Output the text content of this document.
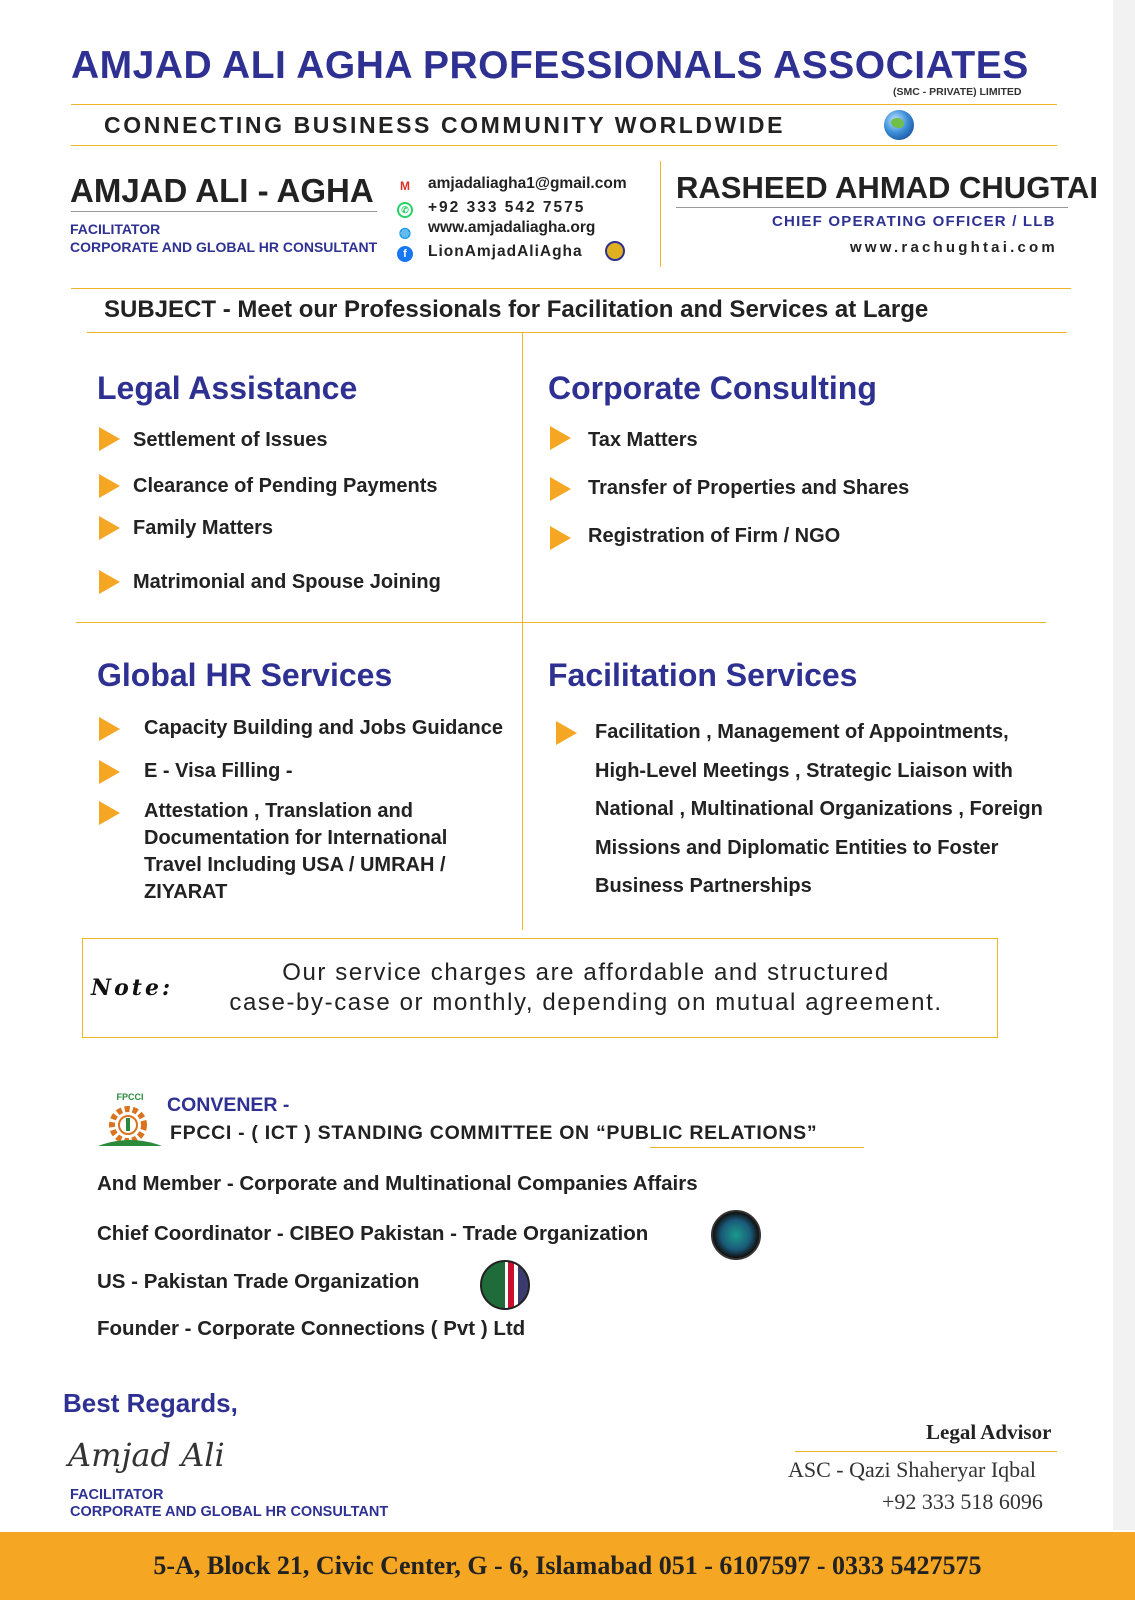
AMJAD ALI AGHA PROFESSIONALS ASSOCIATES
(SMC - PRIVATE) LIMITED
CONNECTING BUSINESS COMMUNITY WORLDWIDE
AMJAD ALI - AGHA
FACILITATOR
CORPORATE AND GLOBAL HR CONSULTANT
M amjadaliagha1@gmail.com
✆ +92 333 542 7575
◍ www.amjadaliagha.org
f	LionAmjadAliAgha
RASHEED AHMAD CHUGTAI
CHIEF OPERATING OFFICER / LLB
www.rachughtai.com
SUBJECT - Meet our Professionals for Facilitation and Services at Large
Legal Assistance
Settlement of Issues
Clearance of Pending Payments
Family Matters
Matrimonial and Spouse Joining
Corporate Consulting
Tax Matters
Transfer of Properties and Shares
Registration of Firm / NGO
Global HR Services
Capacity Building and Jobs Guidance
E - Visa Filling -
Attestation , Translation and Documentation for International Travel Including USA / UMRAH / ZIYARAT
Facilitation Services
Facilitation , Management of Appointments, High-Level Meetings , Strategic Liaison with National , Multinational Organizations , Foreign Missions and Diplomatic Entities to Foster Business Partnerships
Note:
Our service charges are affordable and structured
case-by-case or monthly, depending on mutual agreement.
FPCCI CONVENER -
FPCCI - ( ICT ) STANDING COMMITTEE ON “PUBLIC RELATIONS”
And Member - Corporate and Multinational Companies Affairs
Chief Coordinator - CIBEO Pakistan - Trade Organization
US - Pakistan Trade Organization
Founder - Corporate Connections ( Pvt ) Ltd
Best Regards,
Amjad Ali
FACILITATOR
CORPORATE AND GLOBAL HR CONSULTANT
Legal Advisor
ASC - Qazi Shaheryar Iqbal
+92 333 518 6096
5-A, Block 21, Civic Center, G - 6, Islamabad 051 - 6107597 - 0333 5427575
